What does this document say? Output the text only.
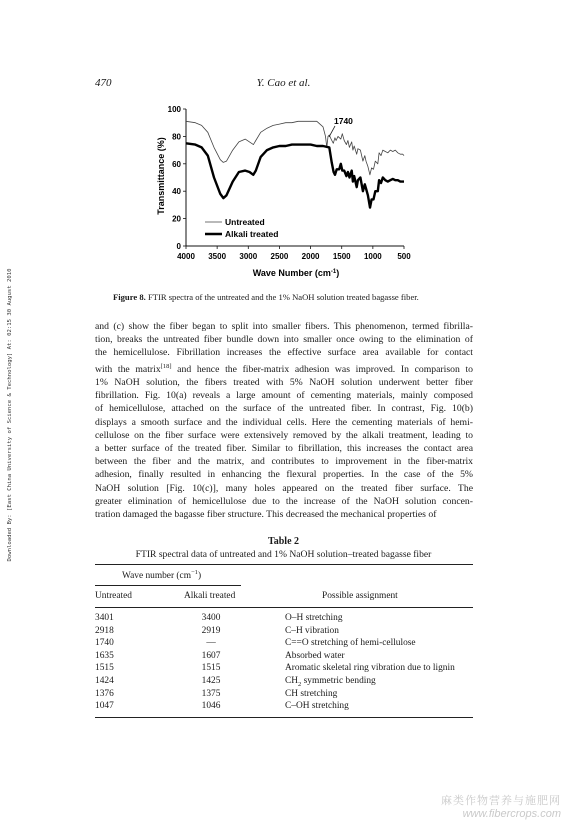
470	Y. Cao et al.
Downloaded By: [East China University of Science & Technology] At: 02:15 30 August 2010
0
20
40
60
80
100
4000 3500 3000 2500 2000 1500 1000 500
Untreated
Alkali treated
Transmittance (%)
Wave Number $(cm^{-1})$
1740
Figure 8. FTIR spectra of the untreated and the 1% NaOH solution treated bagasse fiber.
and (c) show the fiber began to split into smaller fibers. This phenomenon, termed fibrilla-
tion, breaks the untreated fiber bundle down into smaller once owing to the elimination of
the hemicellulose. Fibrillation increases the effective surface area available for contact
with the matrix[18] and hence the fiber-matrix adhesion was improved. In comparison to
1% NaOH solution, the fibers treated with 5% NaOH solution underwent better fiber
fibrillation. Fig. 10(a) reveals a large amount of cementing materials, mainly composed
of hemicellulose, attached on the surface of the untreated fiber. In contrast, Fig. 10(b)
displays a smooth surface and the individual cells. Here the cementing materials of hemi-
cellulose on the fiber surface were extensively removed by the alkali treatment, leading to
a better surface of the treated fiber. Similar to fibrillation, this increases the contact area
between the fiber and the matrix, and contributes to improvement in the fiber-matrix
adhesion, finally resulted in enhancing the flexural properties. In the case of the 5%
NaOH solution [Fig. 10(c)], many holes appeared on the treated fiber surface. The
greater elimination of hemicellulose due to the increase of the NaOH solution concen-
tration damaged the bagasse fiber structure. This decreased the mechanical properties of
Table 2
FTIR spectral data of untreated and 1% NaOH solution–treated bagasse fiber
Wave number $(cm^{-1})$
Untreated	Alkali treated	Possible assignment
3401	3400	O–H stretching
2918	2919	C–H vibration
1740	—	C==O stretching of hemi-cellulose
1635	1607	Absorbed water
1515	1515	Aromatic skeletal ring vibration due to lignin
1424	1425	$CH_2$ symmetric bending
1376	1375	CH stretching
1047	1046	C–OH stretching
麻类作物营养与施肥网
www.fibercrops.com
